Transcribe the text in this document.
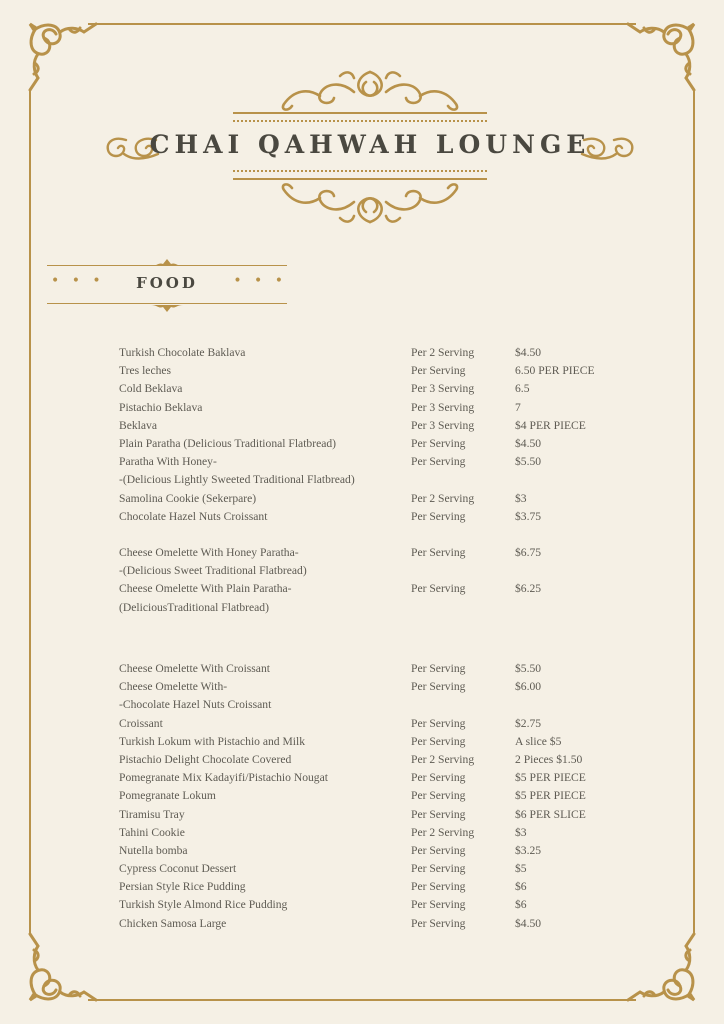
CHAI QAHWAH LOUNGE
• • •	FOOD	• • •
Turkish Chocolate Baklava	Per 2 Serving	$4.50
Tres leches	Per Serving	6.50 PER PIECE
Cold Beklava	Per 3 Serving	6.5
Pistachio Beklava	Per 3 Serving	7
Beklava	Per 3 Serving	$4 PER PIECE
Plain Paratha (Delicious Traditional Flatbread)	Per Serving	$4.50
Paratha With Honey-	Per Serving	$5.50
-(Delicious Lightly Sweeted Traditional Flatbread)
Samolina Cookie (Sekerpare)	Per 2 Serving	$3
Chocolate Hazel Nuts Croissant	Per Serving	$3.75
Cheese Omelette With Honey Paratha-	Per Serving	$6.75
-(Delicious Sweet Traditional Flatbread)
Cheese Omelette With Plain Paratha-	Per Serving	$6.25
(DeliciousTraditional Flatbread)
Cheese Omelette With Croissant	Per Serving	$5.50
Cheese Omelette With-	Per Serving	$6.00
-Chocolate Hazel Nuts Croissant
Croissant	Per Serving	$2.75
Turkish Lokum with Pistachio and Milk	Per Serving	A slice $5
Pistachio Delight Chocolate Covered	Per 2 Serving	2 Pieces $1.50
Pomegranate Mix Kadayifi/Pistachio Nougat	Per Serving	$5 PER PIECE
Pomegranate Lokum	Per Serving	$5 PER PIECE
Tiramisu Tray	Per Serving	$6 PER SLICE
Tahini Cookie	Per 2 Serving	$3
Nutella bomba	Per Serving	$3.25
Cypress Coconut Dessert	Per Serving	$5
Persian Style Rice Pudding	Per Serving	$6
Turkish Style Almond Rice Pudding	Per Serving	$6
Chicken Samosa Large	Per Serving	$4.50
